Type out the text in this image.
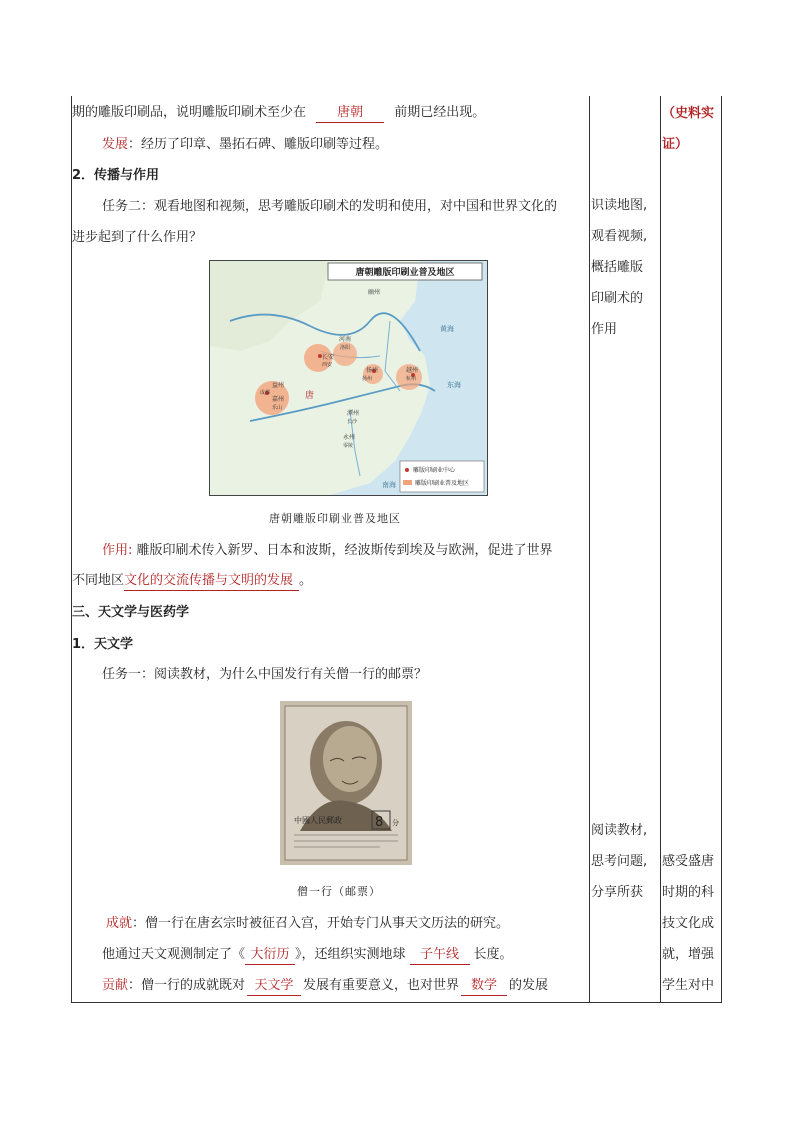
期的雕版印刷品，说明雕版印刷术至少在 唐朝 前期已经出现。
发展：经历了印章、墨拓石碑、雕版印刷等过程。
2．传播与作用
任务二：观看地图和视频，思考雕版印刷术的发明和使用，对中国和世界文化的
进步起到了什么作用？
唐朝雕版印刷业普及地区
幽州
河南
洛阳
长安
西安
益州
成都
嘉州
乐山
扬州
扬州
越州
杭州
潭州
长沙
永州
零陵
唐
黄海
东海
南海
雕版印刷业中心
雕版印刷业普及地区
唐朝雕版印刷业普及地区
作用: 雕版印刷术传入新罗、日本和波斯，经波斯传到埃及与欧洲，促进了世界
不同地区文化的交流传播与文明的发展 。
三、天文学与医药学
1．天文学
任务一：阅读教材，为什么中国发行有关僧一行的邮票？
8 分
中國人民郵政
僧一行（邮票）
成就：僧一行在唐玄宗时被征召入宫，开始专门从事天文历法的研究。
他通过天文观测制定了《 大衍历 》，还组织实测地球 子午线 长度。
贡献：僧一行的成就既对 天文学 发展有重要意义，也对世界 数学 的发展
识读地图,
观看视频,
概括雕版
印刷术的
作用
阅读教材,
思考问题,
分享所获
（史料实
证）
感受盛唐
时期的科
技文化成
就，增强
学生对中
